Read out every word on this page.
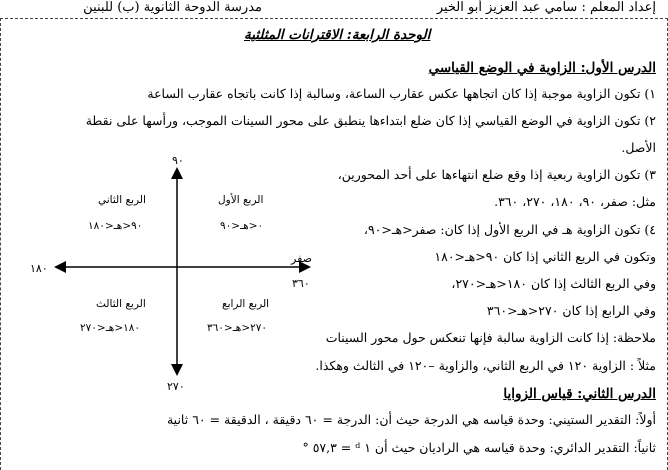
إعداد المعلم : سامي عبد العزيز أبو الخير
مدرسة الدوحة الثانوية (ب) للبنين
الوحدة الرابعة: الاقترانات المثلثية
الدرس الأول: الزاوية في الوضع القياسي
١) تكون الزاوية موجبة إذا كان اتجاهها عكس عقارب الساعة، وسالبة إذا كانت باتجاه عقارب الساعة
٢) تكون الزاوية في الوضع القياسي إذا كان ضلع ابتداءها ينطبق على محور السينات الموجب، ورأسها على نقطة
الأصل.
٣) تكون الزاوية ربعية إذا وقع ضلع انتهاءها على أحد المحورين،
مثل: صفر، ٩٠، ١٨٠، ٢٧٠، ٣٦٠.
٤) تكون الزاوية هـ في الربع الأول إذا كان: صفر<هـ<٩٠،
وتكون في الربع الثاني إذا كان ٩٠<هـ<١٨٠
وفي الربع الثالث إذا كان ١٨٠<هـ<٢٧٠،
وفي الرابع إذا كان ٢٧٠<هـ<٣٦٠
ملاحظة: إذا كانت الزاوية سالبة فإنها تنعكس حول محور السينات
مثلاً : الزاوية ١٢٠ في الربع الثاني، والزاوية –١٢٠ في الثالث وهكذا.
٩٠
١٨٠
صفر
٣٦٠
٢٧٠
الربع الثاني
٩٠<هـ<١٨٠
الربع الأول
٠<هـ<٩٠
الربع الثالث
١٨٠<هـ<٢٧٠
الربع الرابع
٢٧٠<هـ<٣٦٠
الدرس الثاني: قياس الزوايا
أولاً: التقدير الستيني: وحدة قياسه هي الدرجة حيث أن: الدرجة = ٦٠ دقيقة ، الدقيقة = ٦٠ ثانية
ثانياً: التقدير الدائري: وحدة قياسه هي الراديان حيث أن ١ ᵈ = ٥٧,٣ °
